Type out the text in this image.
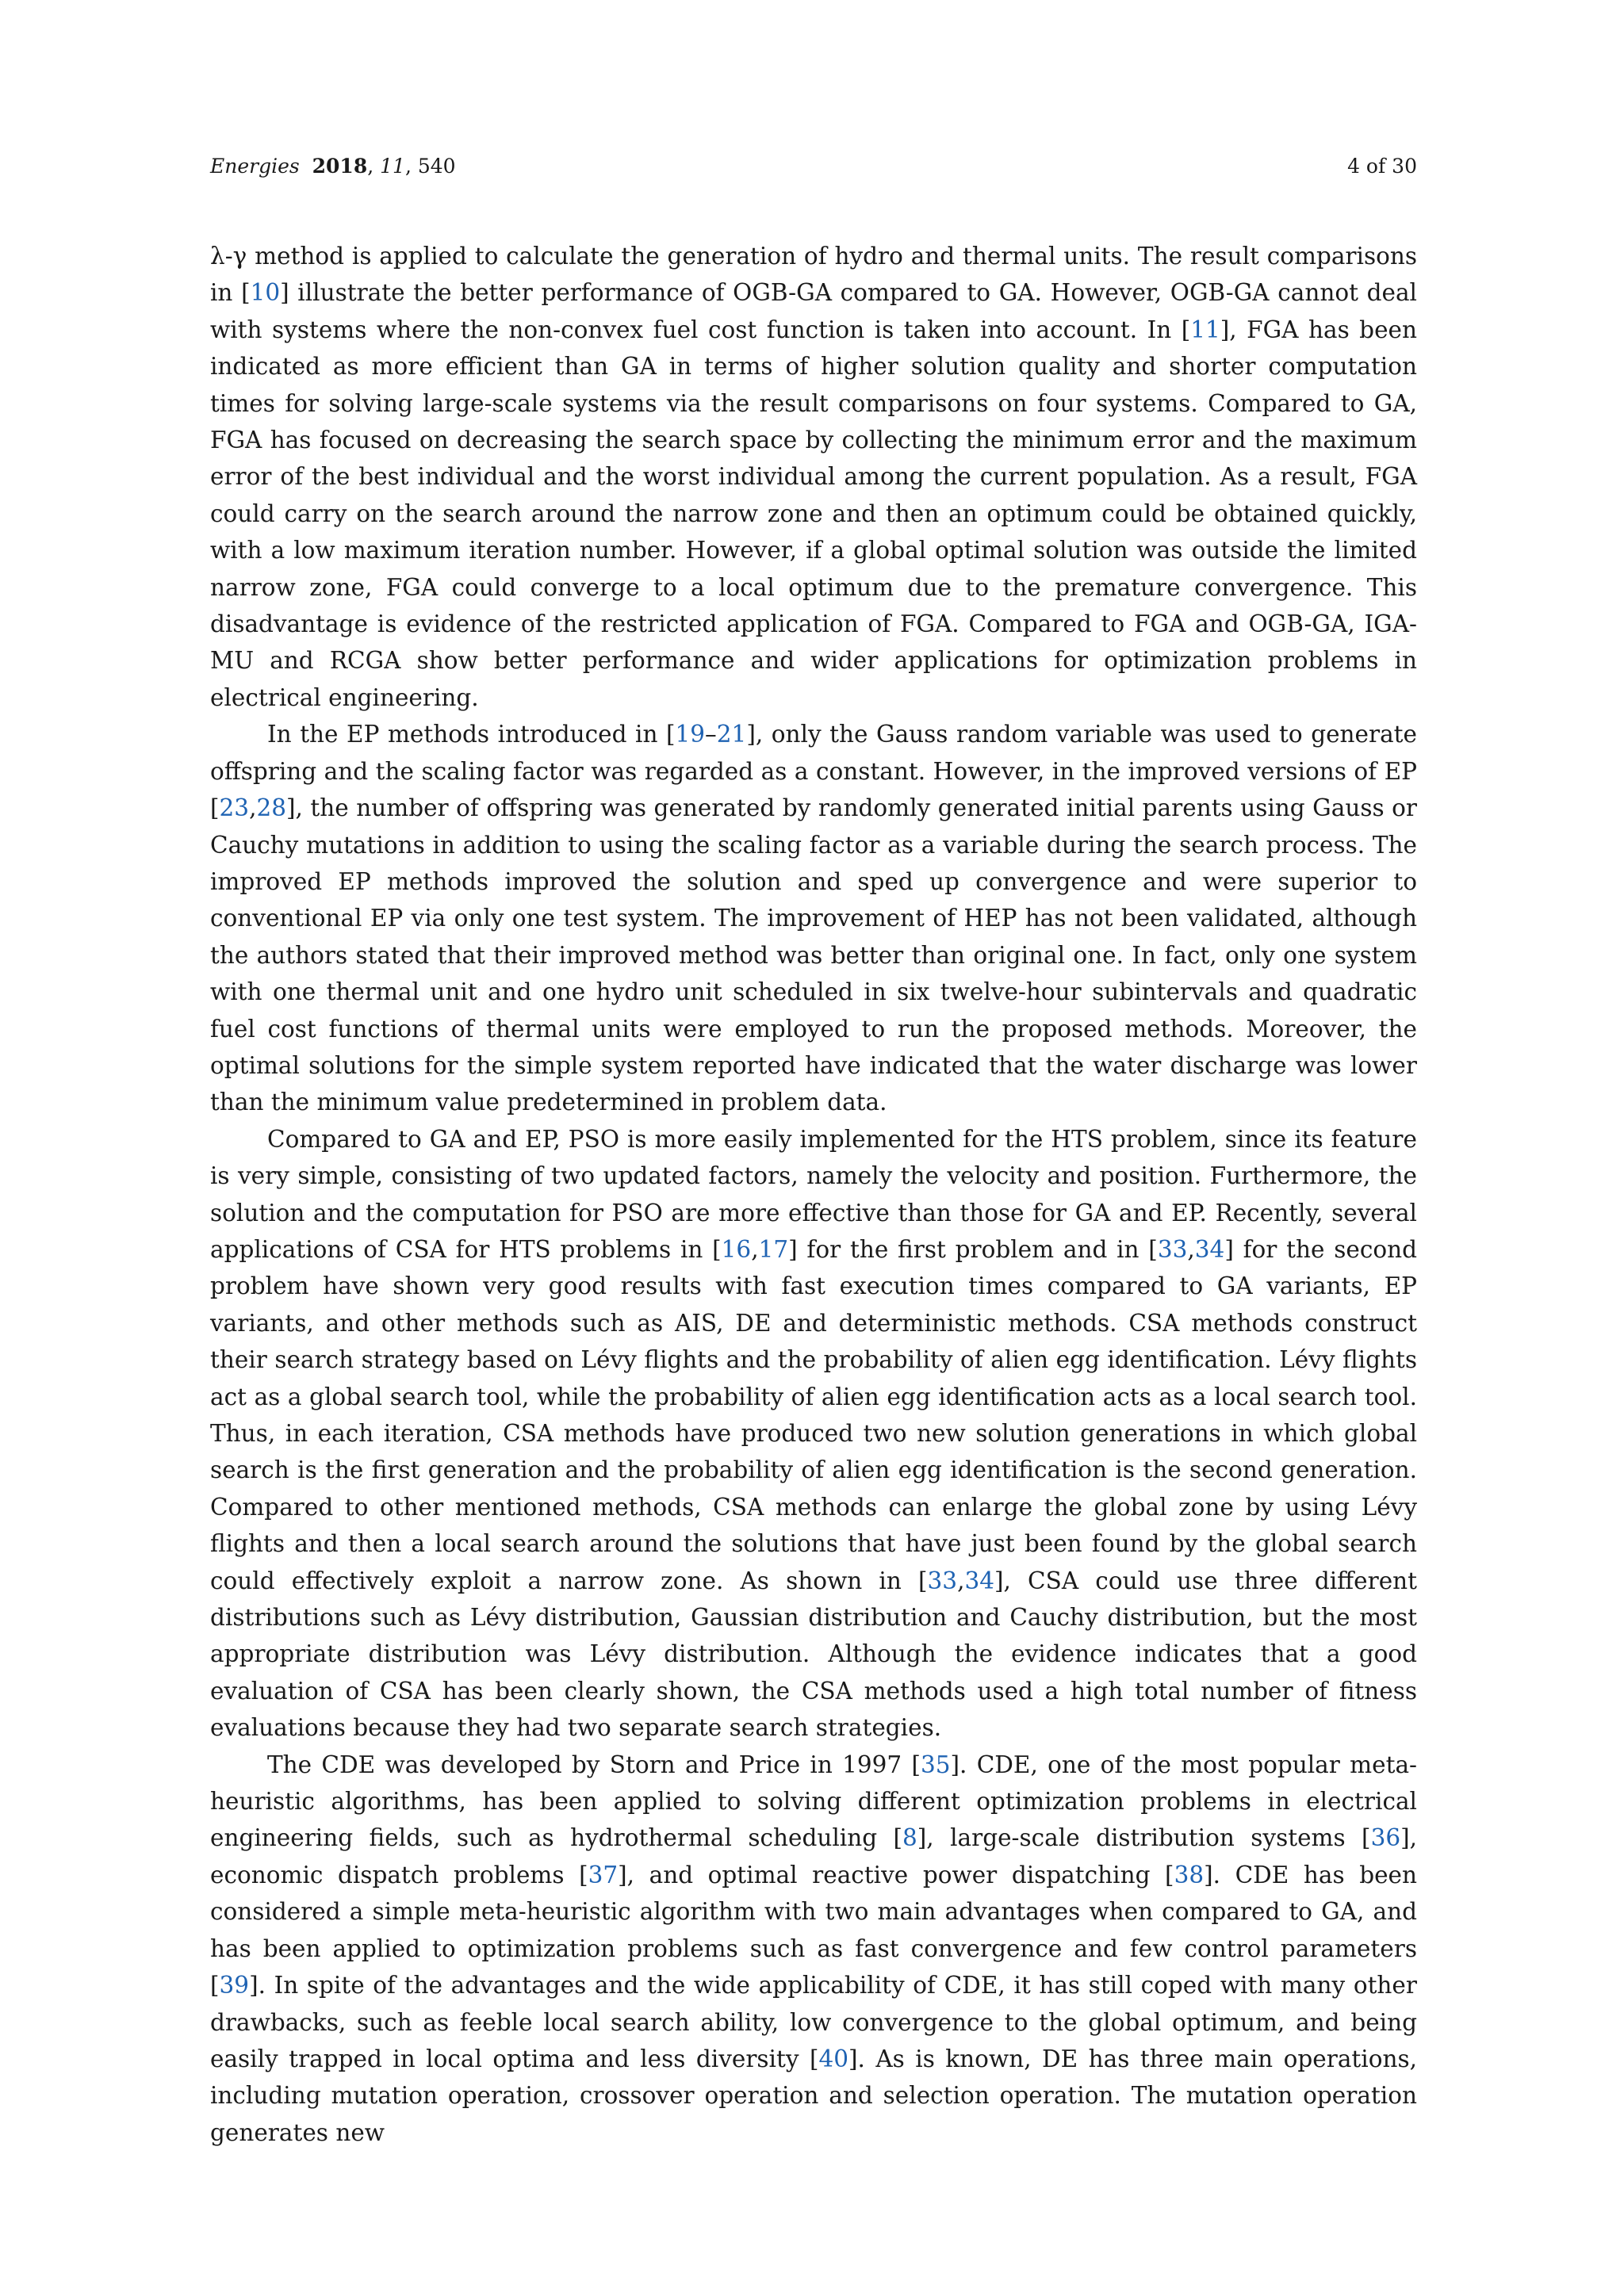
Energies 2018, 11, 540	4 of 30

λ-γ method is applied to calculate the generation of hydro and thermal units. The result comparisons in [10] illustrate the better performance of OGB-GA compared to GA. However, OGB-GA cannot deal with systems where the non-convex fuel cost function is taken into account. In [11], FGA has been indicated as more efficient than GA in terms of higher solution quality and shorter computation times for solving large-scale systems via the result comparisons on four systems. Compared to GA, FGA has focused on decreasing the search space by collecting the minimum error and the maximum error of the best individual and the worst individual among the current population. As a result, FGA could carry on the search around the narrow zone and then an optimum could be obtained quickly, with a low maximum iteration number. However, if a global optimal solution was outside the limited narrow zone, FGA could converge to a local optimum due to the premature convergence. This disadvantage is evidence of the restricted application of FGA. Compared to FGA and OGB-GA, IGA-MU and RCGA show better performance and wider applications for optimization problems in electrical engineering.

In the EP methods introduced in [19–21], only the Gauss random variable was used to generate offspring and the scaling factor was regarded as a constant. However, in the improved versions of EP [23,28], the number of offspring was generated by randomly generated initial parents using Gauss or Cauchy mutations in addition to using the scaling factor as a variable during the search process. The improved EP methods improved the solution and sped up convergence and were superior to conventional EP via only one test system. The improvement of HEP has not been validated, although the authors stated that their improved method was better than original one. In fact, only one system with one thermal unit and one hydro unit scheduled in six twelve-hour subintervals and quadratic fuel cost functions of thermal units were employed to run the proposed methods. Moreover, the optimal solutions for the simple system reported have indicated that the water discharge was lower than the minimum value predetermined in problem data.

Compared to GA and EP, PSO is more easily implemented for the HTS problem, since its feature is very simple, consisting of two updated factors, namely the velocity and position. Furthermore, the solution and the computation for PSO are more effective than those for GA and EP. Recently, several applications of CSA for HTS problems in [16,17] for the first problem and in [33,34] for the second problem have shown very good results with fast execution times compared to GA variants, EP variants, and other methods such as AIS, DE and deterministic methods. CSA methods construct their search strategy based on Lévy flights and the probability of alien egg identification. Lévy flights act as a global search tool, while the probability of alien egg identification acts as a local search tool. Thus, in each iteration, CSA methods have produced two new solution generations in which global search is the first generation and the probability of alien egg identification is the second generation. Compared to other mentioned methods, CSA methods can enlarge the global zone by using Lévy flights and then a local search around the solutions that have just been found by the global search could effectively exploit a narrow zone. As shown in [33,34], CSA could use three different distributions such as Lévy distribution, Gaussian distribution and Cauchy distribution, but the most appropriate distribution was Lévy distribution. Although the evidence indicates that a good evaluation of CSA has been clearly shown, the CSA methods used a high total number of fitness evaluations because they had two separate search strategies.

The CDE was developed by Storn and Price in 1997 [35]. CDE, one of the most popular meta-heuristic algorithms, has been applied to solving different optimization problems in electrical engineering fields, such as hydrothermal scheduling [8], large-scale distribution systems [36], economic dispatch problems [37], and optimal reactive power dispatching [38]. CDE has been considered a simple meta-heuristic algorithm with two main advantages when compared to GA, and has been applied to optimization problems such as fast convergence and few control parameters [39]. In spite of the advantages and the wide applicability of CDE, it has still coped with many other drawbacks, such as feeble local search ability, low convergence to the global optimum, and being easily trapped in local optima and less diversity [40]. As is known, DE has three main operations, including mutation operation, crossover operation and selection operation. The mutation operation generates new
